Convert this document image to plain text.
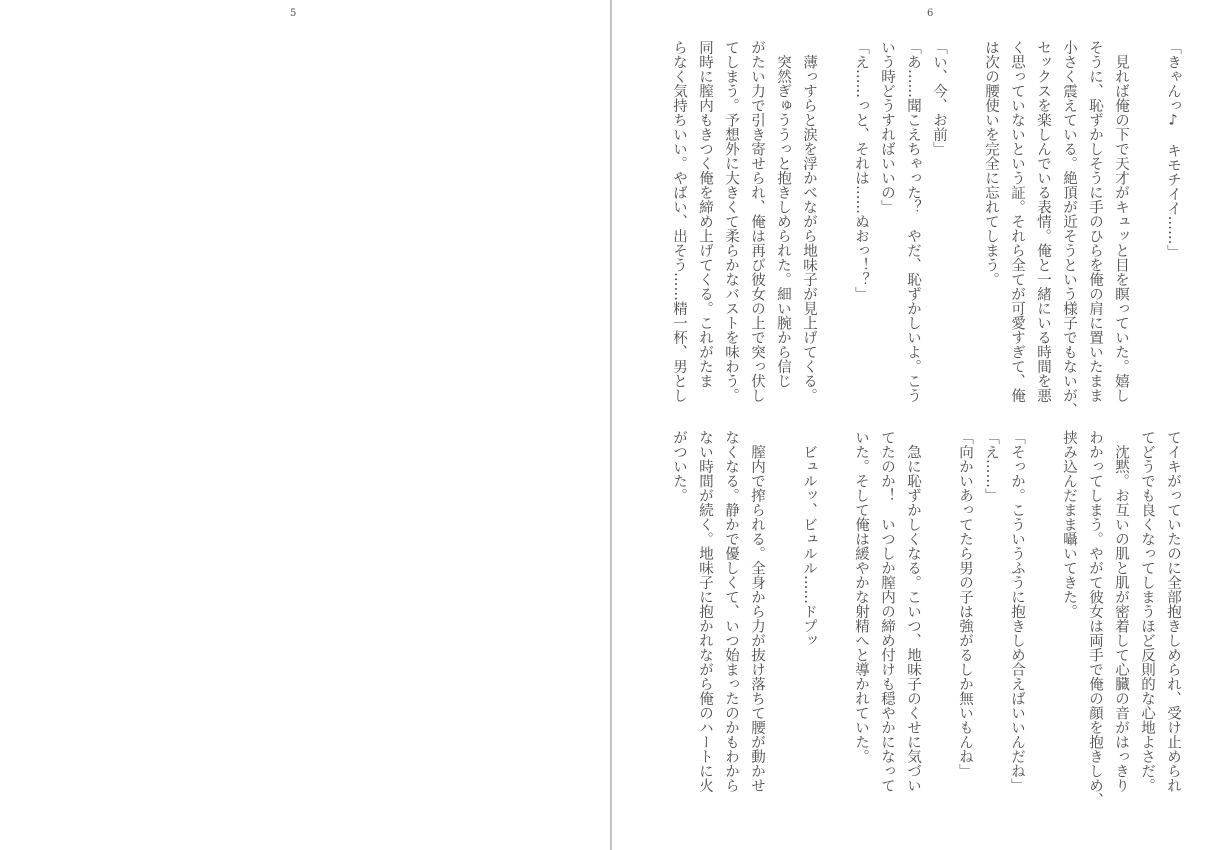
5	6
「きゃんっ♪　キモチイイ……」
　見れば俺の下で天才がキュッと目を瞑っていた。嬉し
そうに、恥ずかしそうに手のひらを俺の肩に置いたまま
小さく震えている。絶頂が近そうという様子でもないが、
セックスを楽しんでいる表情。俺と一緒にいる時間を悪
く思っていないという証。それら全てが可愛すぎて、俺
は次の腰使いを完全に忘れてしまう。
「い、今、お前」
「あ……聞こえちゃった？　やだ、恥ずかしいよ。こう
いう時どうすればいいの」
「え……っと、それは……ぬおっ！？」
　薄っすらと涙を浮かべながら地味子が見上げてくる。
　突然ぎゅううっと抱きしめられた。細い腕から信じ
がたい力で引き寄せられ、俺は再び彼女の上で突っ伏し
てしまう。予想外に大きくて柔らかなバストを味わう。
同時に膣内もきつく俺を締め上げてくる。これがたま
らなく気持ちいい。やばい、出そう……精一杯、男とし
てイキがっていたのに全部抱きしめられ、受け止められ
てどうでも良くなってしまうほど反則的な心地よさだ。
　沈黙。お互いの肌と肌が密着して心臓の音がはっきり
わかってしまう。やがて彼女は両手で俺の顔を抱きしめ、
挟み込んだまま囁いてきた。
「そっか。こういうふうに抱きしめ合えばいいんだね」
「え……」
「向かいあってたら男の子は強がるしか無いもんね」
　急に恥ずかしくなる。こいつ、地味子のくせに気づい
てたのか！　いつしか膣内の締め付けも穏やかになって
いた。そして俺は緩やかな射精へと導かれていた。
　ビュルッ、ビュルル……ドプッ
　膣内で搾られる。全身から力が抜け落ちて腰が動かせ
なくなる。静かで優しくて、いつ始まったのかもわから
ない時間が続く。地味子に抱かれながら俺のハートに火
がついた。
